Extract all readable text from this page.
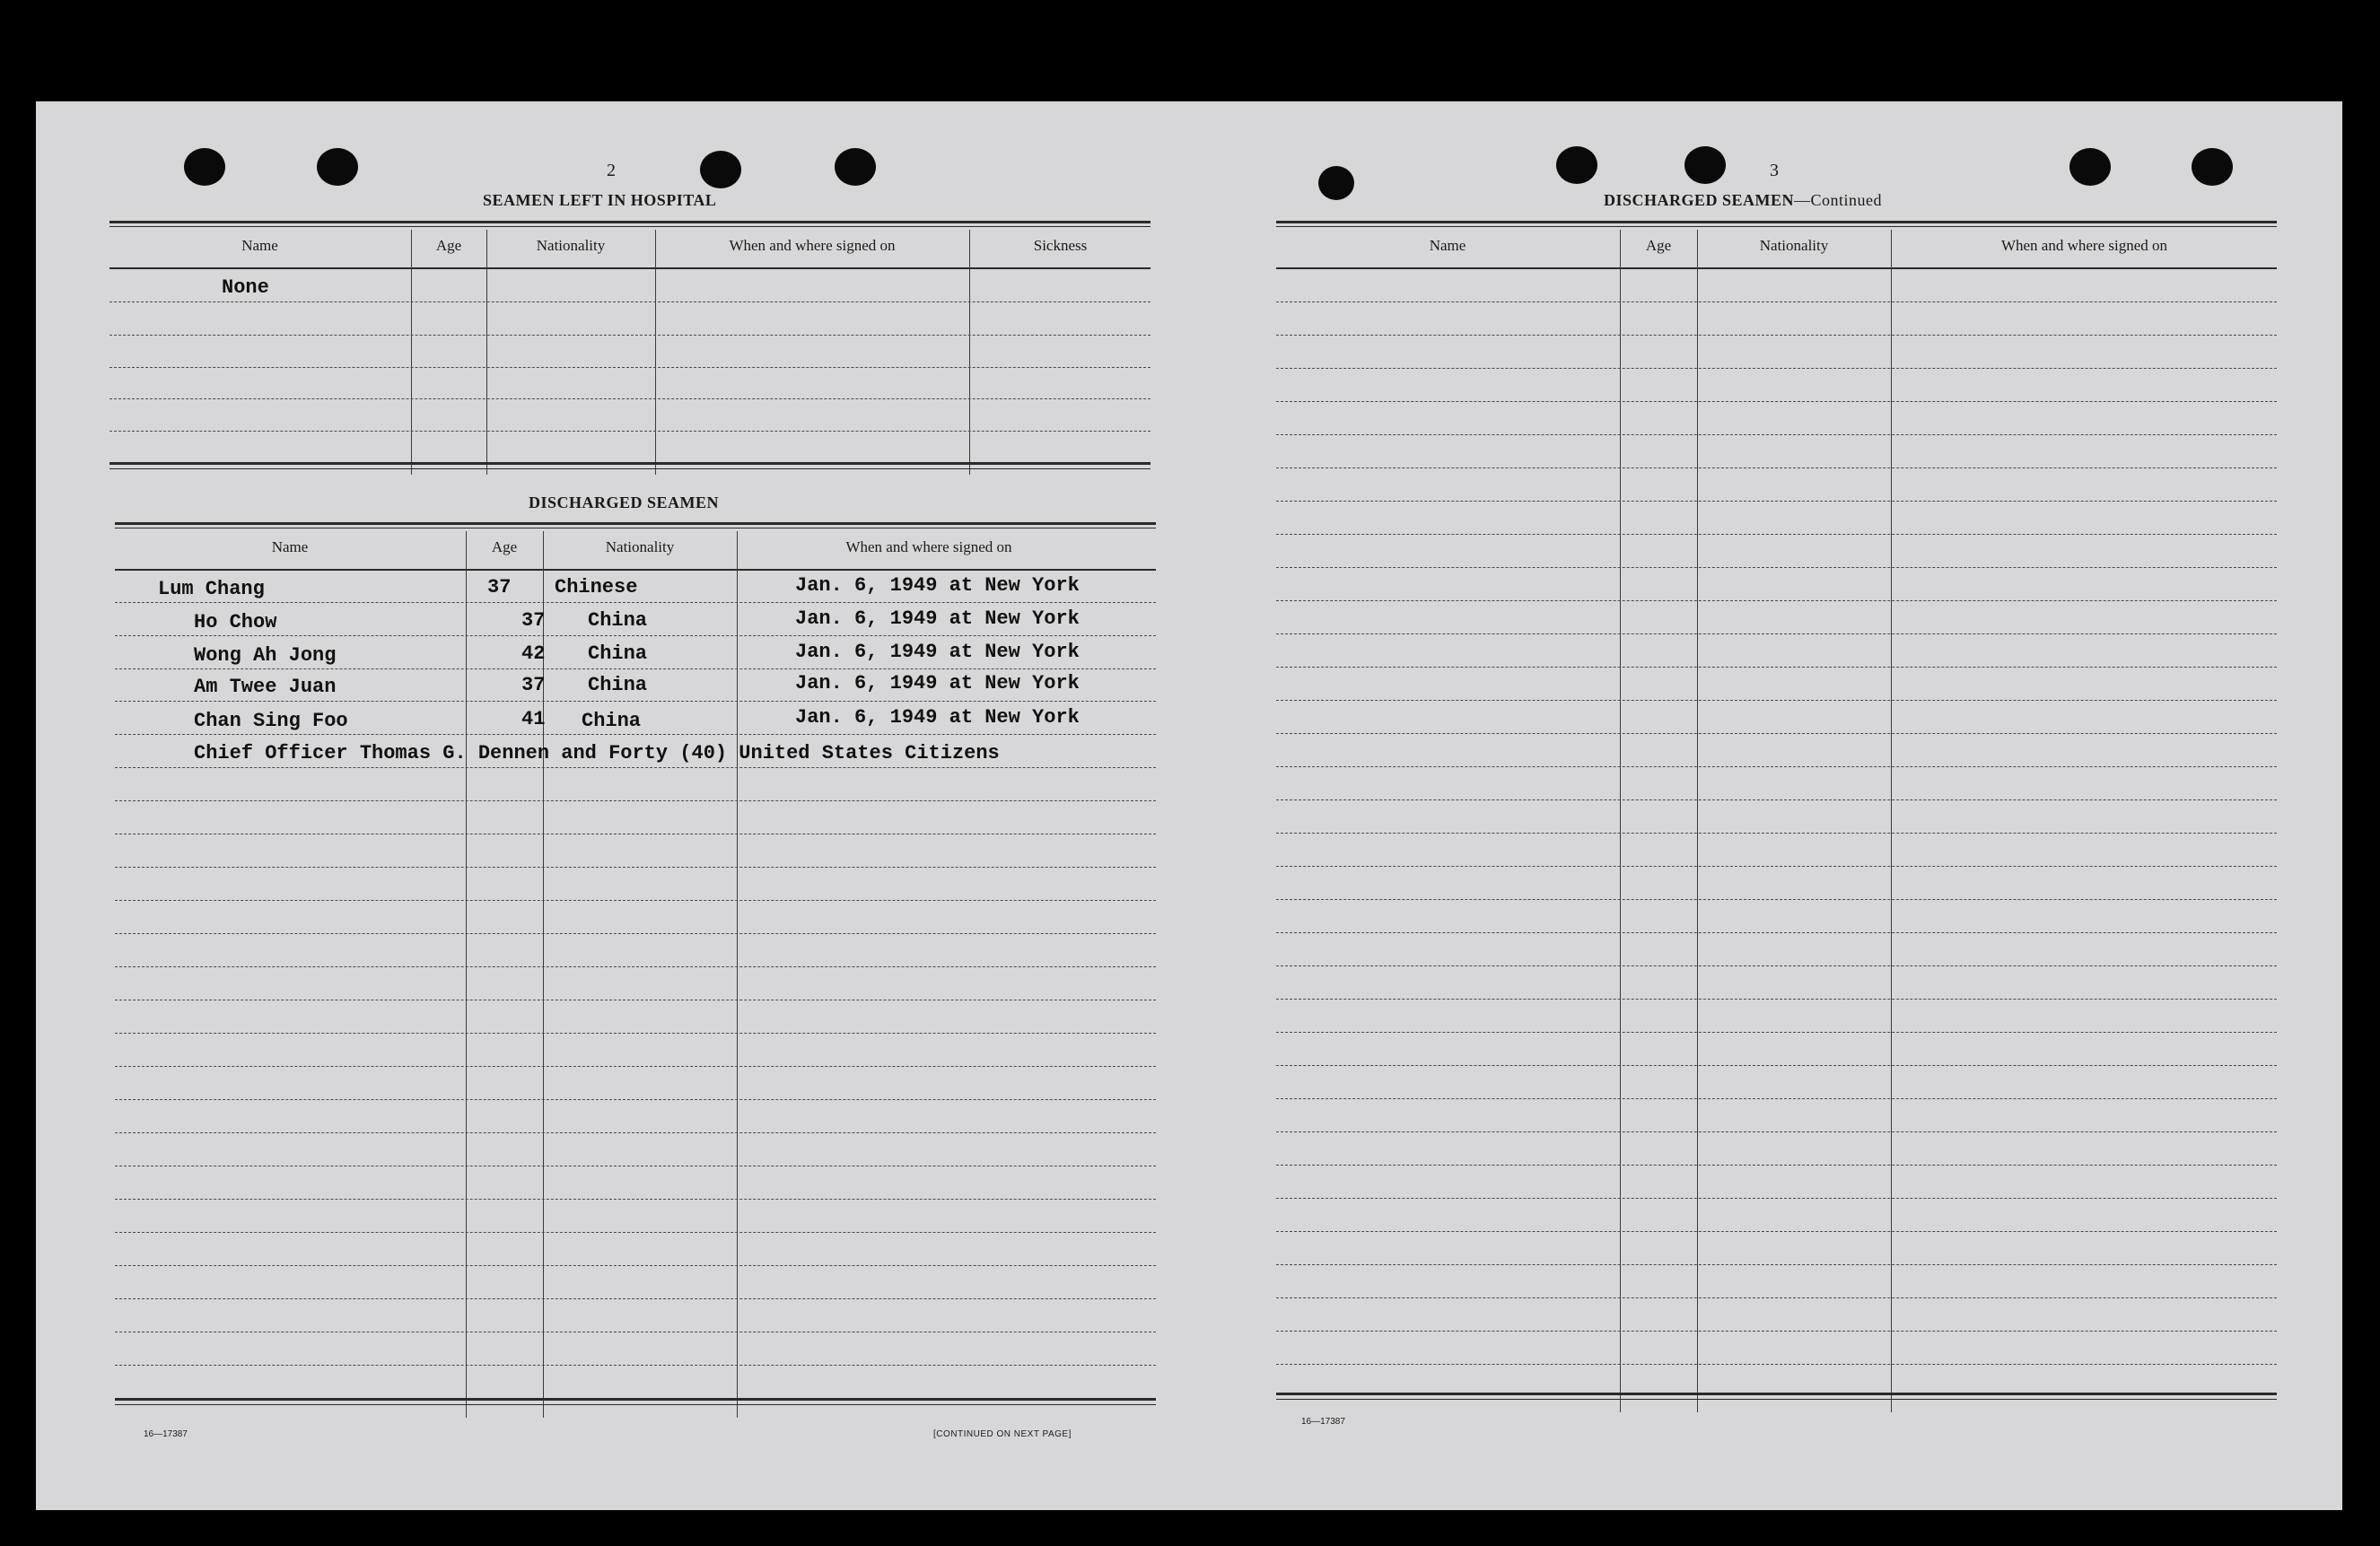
2
SEAMEN LEFT IN HOSPITAL
Name	Age	Nationality	When and where signed on	Sickness
None
DISCHARGED SEAMEN
Name	Age	Nationality	When and where signed on
Lum Chang	37 Chinese	Jan. 6, 1949 at New York
Ho Chow	37 China	Jan. 6, 1949 at New York
Wong Ah Jong	42 China	Jan. 6, 1949 at New York
Am Twee Juan	37 China	Jan. 6, 1949 at New York
Chan Sing Foo	41 China	Jan. 6, 1949 at New York
Chief Officer Thomas G. Dennen and Forty (40) United States Citizens
16—17387	[CONTINUED ON NEXT PAGE]
3
DISCHARGED SEAMEN—Continued
Name	Age	Nationality	When and where signed on
16—17387
